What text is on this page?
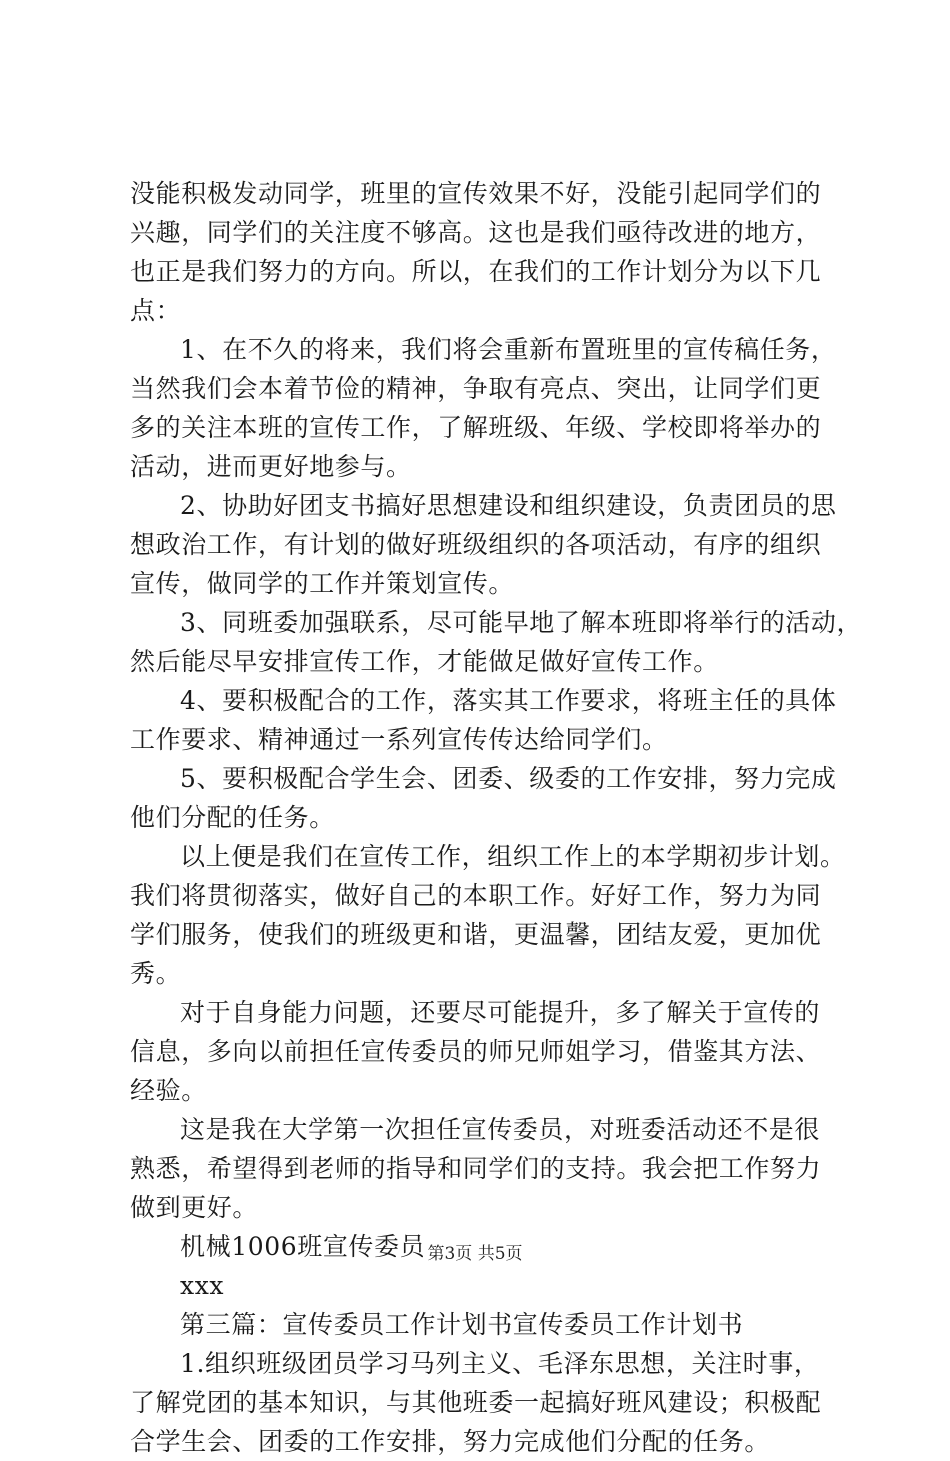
没能积极发动同学，班里的宣传效果不好，没能引起同学们的
兴趣，同学们的关注度不够高。这也是我们亟待改进的地方，
也正是我们努力的方向。所以，在我们的工作计划分为以下几
点：
1、在不久的将来，我们将会重新布置班里的宣传稿任务，
当然我们会本着节俭的精神，争取有亮点、突出，让同学们更
多的关注本班的宣传工作，了解班级、年级、学校即将举办的
活动，进而更好地参与。
2、协助好团支书搞好思想建设和组织建设，负责团员的思
想政治工作，有计划的做好班级组织的各项活动，有序的组织
宣传，做同学的工作并策划宣传。
3、同班委加强联系，尽可能早地了解本班即将举行的活动，
然后能尽早安排宣传工作，才能做足做好宣传工作。
4、要积极配合的工作，落实其工作要求，将班主任的具体
工作要求、精神通过一系列宣传传达给同学们。
5、要积极配合学生会、团委、级委的工作安排，努力完成
他们分配的任务。
以上便是我们在宣传工作，组织工作上的本学期初步计划。
我们将贯彻落实，做好自己的本职工作。好好工作，努力为同
学们服务，使我们的班级更和谐，更温馨，团结友爱，更加优
秀。
对于自身能力问题，还要尽可能提升，多了解关于宣传的
信息，多向以前担任宣传委员的师兄师姐学习，借鉴其方法、
经验。
这是我在大学第一次担任宣传委员，对班委活动还不是很
熟悉，希望得到老师的指导和同学们的支持。我会把工作努力
做到更好。
机械1006班宣传委员
xxx
第三篇：宣传委员工作计划书宣传委员工作计划书
1.组织班级团员学习马列主义、毛泽东思想，关注时事，
了解党团的基本知识，与其他班委一起搞好班风建设；积极配
合学生会、团委的工作安排，努力完成他们分配的任务。
第3页 共5页
